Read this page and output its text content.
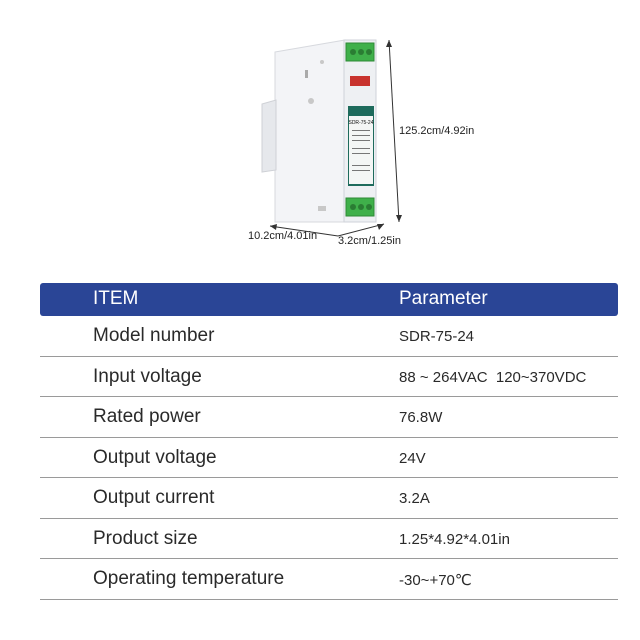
SDR-75-24
125.2cm/4.92in
10.2cm/4.01in 3.2cm/1.25in
ITEM	Parameter
Model number	SDR-75-24
Input voltage	88 ~ 264VAC  120~370VDC
Rated power	76.8W
Output voltage	24V
Output current	3.2A
Product size	1.25*4.92*4.01in
Operating temperature	-30~+70℃
